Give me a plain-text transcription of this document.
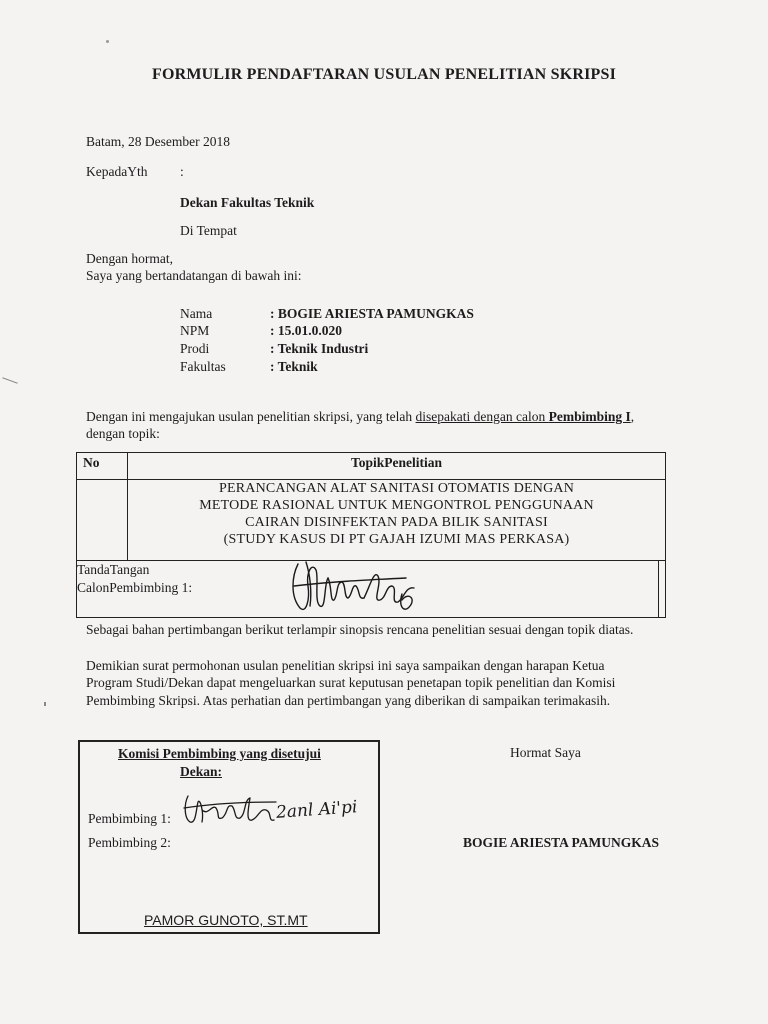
FORMULIR PENDAFTARAN USULAN PENELITIAN SKRIPSI
Batam, 28 Desember 2018
KepadaYth :
Dekan Fakultas Teknik
Di Tempat
Dengan hormat,
Saya yang bertandatangan di bawah ini:
Nama	: BOGIE ARIESTA PAMUNGKAS
NPM	: 15.01.0.020
Prodi	: Teknik Industri
Fakultas	: Teknik
Dengan ini mengajukan usulan penelitian skripsi, yang telah disepakati dengan calon Pembimbing I,
dengan topik:
No	TopikPenelitian	

	PERANCANGAN ALAT SANITASI OTOMATIS DENGAN
METODE RASIONAL UNTUK MENGONTROL PENGGUNAAN
CAIRAN DISINFEKTAN PADA BILIK SANITASI
(STUDY KASUS DI PT GAJAH IZUMI MAS PERKASA)	

TandaTangan
CalonPembimbing 1:		

Sebagai bahan pertimbangan berikut terlampir sinopsis rencana penelitian sesuai dengan topik diatas.
Demikian surat permohonan usulan penelitian skripsi ini saya sampaikan dengan harapan Ketua
Program Studi/Dekan dapat mengeluarkan surat keputusan penetapan topik penelitian dan Komisi
Pembimbing Skripsi. Atas perhatian dan pertimbangan yang diberikan di sampaikan terimakasih.
Komisi Pembimbing yang disetujui
Dekan:
Pembimbing 1:
Pembimbing 2:
2anl Ai'pi
PAMOR GUNOTO, ST.MT
Hormat Saya
BOGIE ARIESTA PAMUNGKAS
